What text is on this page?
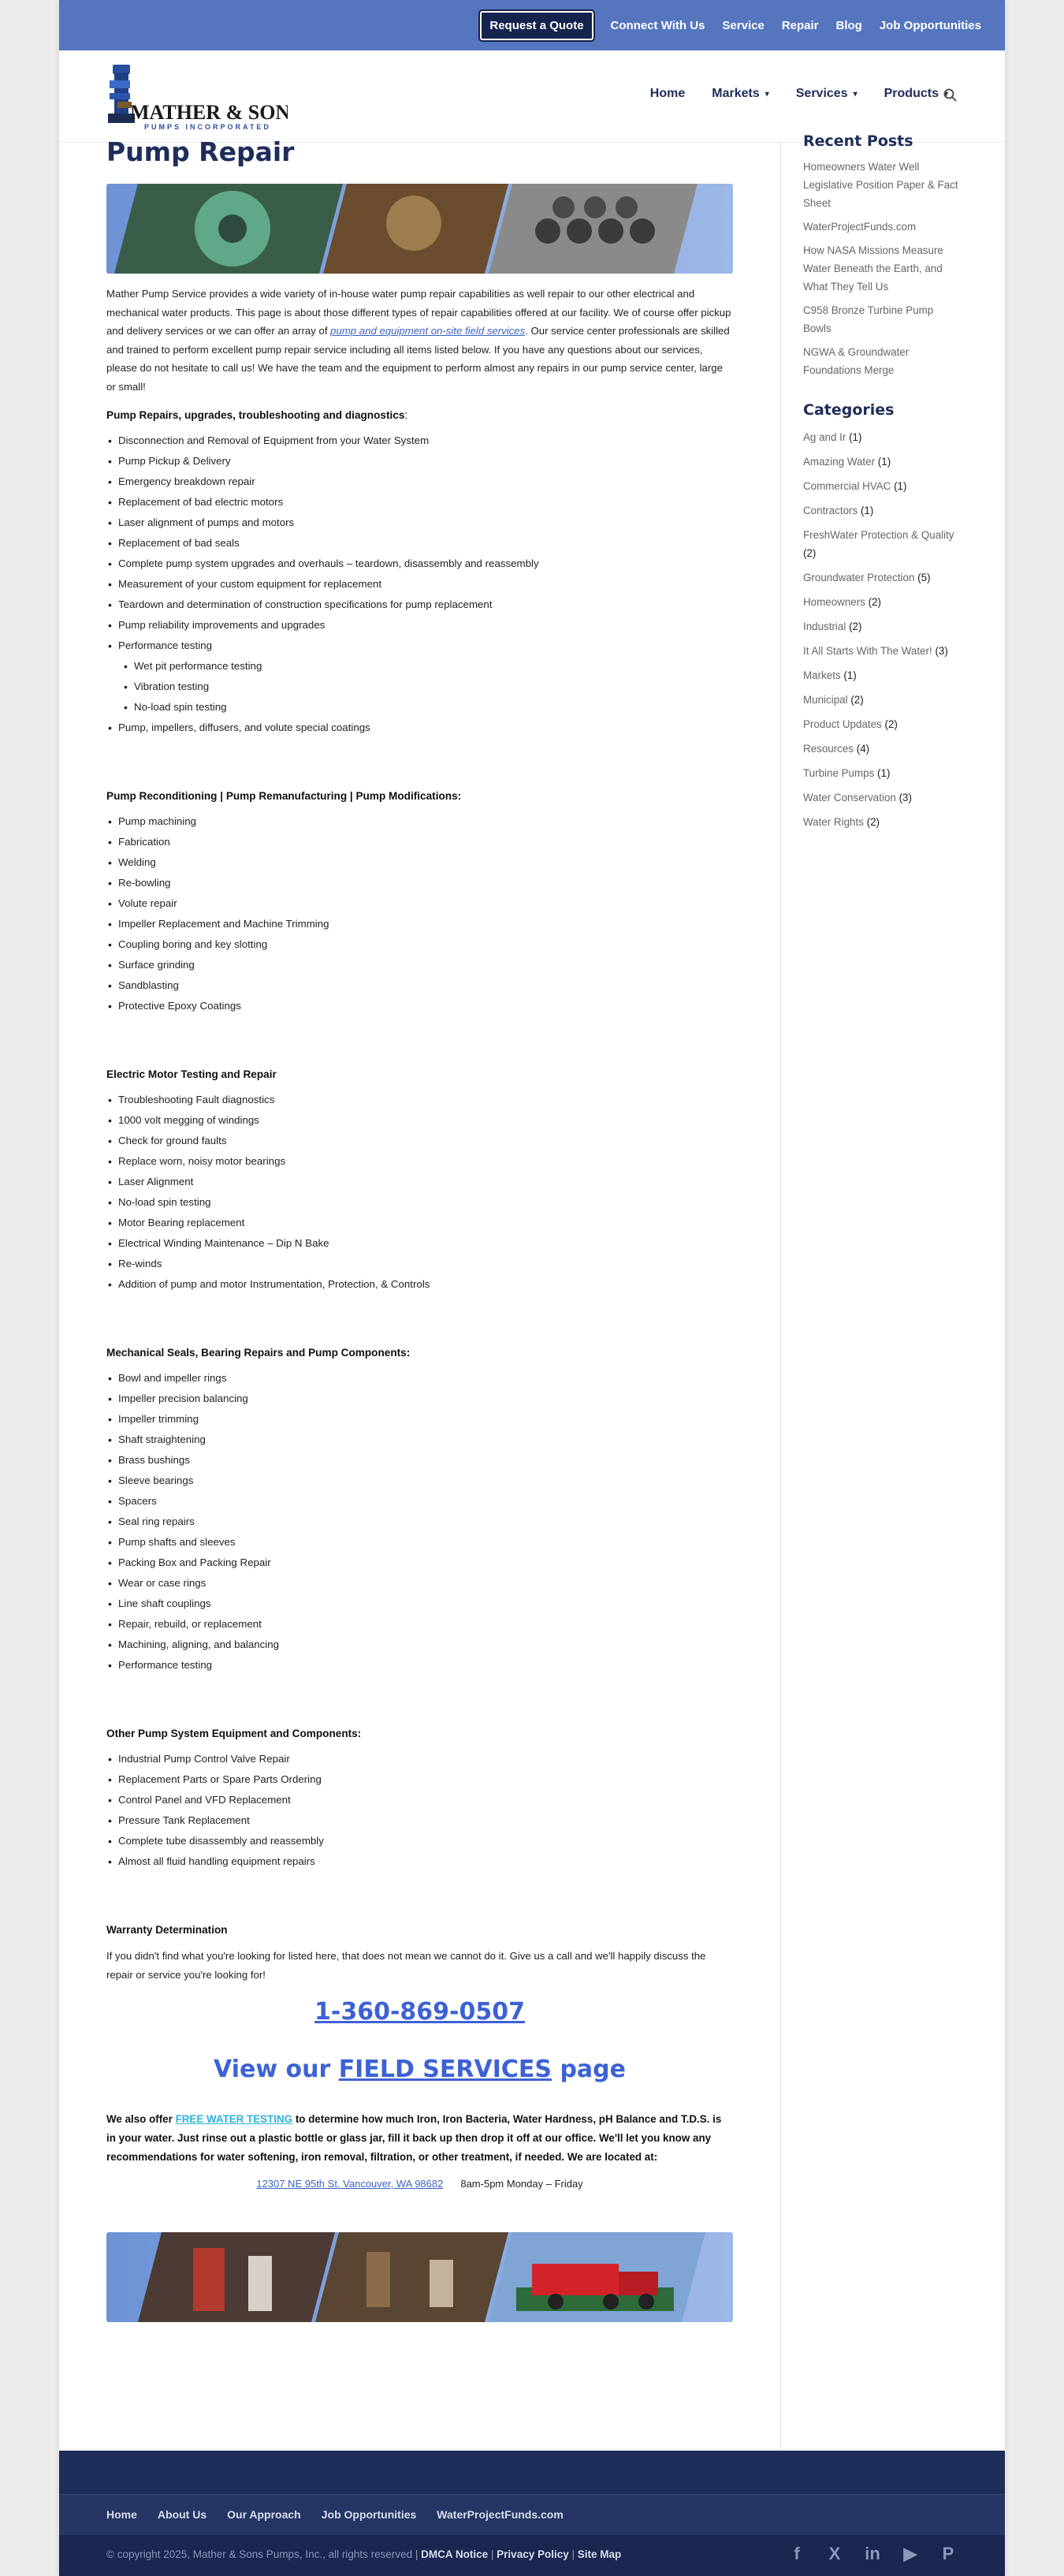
Request a Quote	Connect With Us Service Repair Blog Job Opportunities
MATHER & SONS
PUMPS INCORPORATED
Home Markets ▾ Services ▾ Products ▾
Pump Repair

Mather Pump Service provides a wide variety of in-house water pump repair capabilities as well repair to our other electrical and mechanical water products. This page is about those different types of repair capabilities offered at our facility. We of course offer pickup and delivery services or we can offer an array of pump and equipment on-site field services. Our service center professionals are skilled and trained to perform excellent pump repair service including all items listed below. If you have any questions about our services, please do not hesitate to call us! We have the team and the equipment to perform almost any repairs in our pump service center, large or small!

Pump Repairs, upgrades, troubleshooting and diagnostics:
• Disconnection and Removal of Equipment from your Water System
• Pump Pickup & Delivery
• Emergency breakdown repair
• Replacement of bad electric motors
• Laser alignment of pumps and motors
• Replacement of bad seals
• Complete pump system upgrades and overhauls – teardown, disassembly and reassembly
• Measurement of your custom equipment for replacement
• Teardown and determination of construction specifications for pump replacement
• Pump reliability improvements and upgrades
• Performance testing
• Wet pit performance testing
• Vibration testing
• No-load spin testing
• Pump, impellers, diffusers, and volute special coatings
Pump Reconditioning | Pump Remanufacturing | Pump Modifications:
• Pump machining
• Fabrication
• Welding
• Re-bowling
• Volute repair
• Impeller Replacement and Machine Trimming
• Coupling boring and key slotting
• Surface grinding
• Sandblasting
• Protective Epoxy Coatings
Electric Motor Testing and Repair
• Troubleshooting Fault diagnostics
• 1000 volt megging of windings
• Check for ground faults
• Replace worn, noisy motor bearings
• Laser Alignment
• No-load spin testing
• Motor Bearing replacement
• Electrical Winding Maintenance – Dip N Bake
• Re-winds
• Addition of pump and motor Instrumentation, Protection, & Controls
Mechanical Seals, Bearing Repairs and Pump Components:
• Bowl and impeller rings
• Impeller precision balancing
• Impeller trimming
• Shaft straightening
• Brass bushings
• Sleeve bearings
• Spacers
• Seal ring repairs
• Pump shafts and sleeves
• Packing Box and Packing Repair
• Wear or case rings
• Line shaft couplings
• Repair, rebuild, or replacement
• Machining, aligning, and balancing
• Performance testing
Other Pump System Equipment and Components:
• Industrial Pump Control Valve Repair
• Replacement Parts or Spare Parts Ordering
• Control Panel and VFD Replacement
• Pressure Tank Replacement
• Complete tube disassembly and reassembly
• Almost all fluid handling equipment repairs
Warranty Determination

If you didn't find what you're looking for listed here, that does not mean we cannot do it. Give us a call and we'll happily discuss the repair or service you're looking for!

1-360-869-0507
View our FIELD SERVICES page

We also offer FREE WATER TESTING to determine how much Iron, Iron Bacteria, Water Hardness, pH Balance and T.D.S. is in your water. Just rinse out a plastic bottle or glass jar, fill it back up then drop it off at our office. We'll let you know any recommendations for water softening, iron removal, filtration, or other treatment, if needed. We are located at:

12307 NE 95th St. Vancouver, WA 98682 8am-5pm Monday – Friday
Recent Posts
Homeowners Water Well Legislative Position Paper & Fact Sheet
WaterProjectFunds.com
How NASA Missions Measure Water Beneath the Earth, and What They Tell Us
C958 Bronze Turbine Pump Bowls
NGWA & Groundwater Foundations Merge
Categories
Ag and Ir (1)
Amazing Water (1)
Commercial HVAC (1)
Contractors (1)
FreshWater Protection & Quality (2)
Groundwater Protection (5)
Homeowners (2)
Industrial (2)
It All Starts With The Water! (3)
Markets (1)
Municipal (2)
Product Updates (2)
Resources (4)
Turbine Pumps (1)
Water Conservation (3)
Water Rights (2)
Home About Us Our Approach Job Opportunities WaterProjectFunds.com
© copyright 2025, Mather & Sons Pumps, Inc., all rights reserved | DMCA Notice | Privacy Policy | Site Map	f	X in ▶ P
